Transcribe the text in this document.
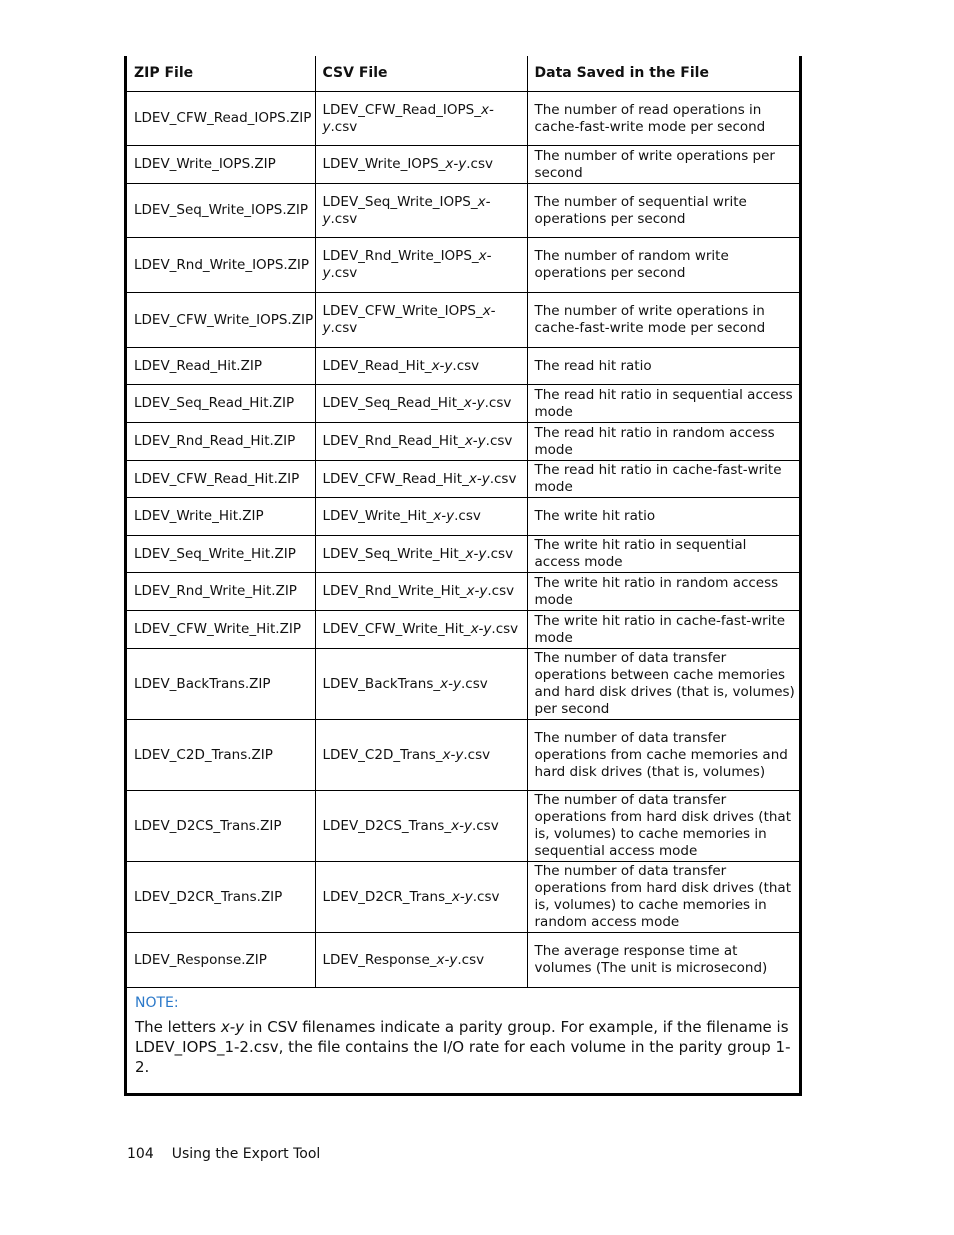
ZIP File	CSV File	Data Saved in the File
LDEV_CFW_Read_IOPS.ZIP	LDEV_CFW_Read_IOPS_x-y.csv	The number of read operations in cache-fast-write mode per second
LDEV_Write_IOPS.ZIP	LDEV_Write_IOPS_x-y.csv	The number of write operations per second
LDEV_Seq_Write_IOPS.ZIP	LDEV_Seq_Write_IOPS_x-y.csv	The number of sequential write operations per second
LDEV_Rnd_Write_IOPS.ZIP	LDEV_Rnd_Write_IOPS_x-y.csv	The number of random write operations per second
LDEV_CFW_Write_IOPS.ZIP	LDEV_CFW_Write_IOPS_x-y.csv	The number of write operations in cache-fast-write mode per second
LDEV_Read_Hit.ZIP	LDEV_Read_Hit_x-y.csv	The read hit ratio
LDEV_Seq_Read_Hit.ZIP	LDEV_Seq_Read_Hit_x-y.csv	The read hit ratio in sequential access mode
LDEV_Rnd_Read_Hit.ZIP	LDEV_Rnd_Read_Hit_x-y.csv	The read hit ratio in random access mode
LDEV_CFW_Read_Hit.ZIP	LDEV_CFW_Read_Hit_x-y.csv	The read hit ratio in cache-fast-write mode
LDEV_Write_Hit.ZIP	LDEV_Write_Hit_x-y.csv	The write hit ratio
LDEV_Seq_Write_Hit.ZIP	LDEV_Seq_Write_Hit_x-y.csv	The write hit ratio in sequential access mode
LDEV_Rnd_Write_Hit.ZIP	LDEV_Rnd_Write_Hit_x-y.csv	The write hit ratio in random access mode
LDEV_CFW_Write_Hit.ZIP	LDEV_CFW_Write_Hit_x-y.csv	The write hit ratio in cache-fast-write mode
LDEV_BackTrans.ZIP	LDEV_BackTrans_x-y.csv	The number of data transfer operations between cache memories and hard disk drives (that is, volumes) per second
LDEV_C2D_Trans.ZIP	LDEV_C2D_Trans_x-y.csv	The number of data transfer operations from cache memories and hard disk drives (that is, volumes)
LDEV_D2CS_Trans.ZIP	LDEV_D2CS_Trans_x-y.csv	The number of data transfer operations from hard disk drives (that is, volumes) to cache memories in sequential access mode
LDEV_D2CR_Trans.ZIP	LDEV_D2CR_Trans_x-y.csv	The number of data transfer operations from hard disk drives (that is, volumes) to cache memories in random access mode
LDEV_Response.ZIP	LDEV_Response_x-y.csv	The average response time at volumes (The unit is microsecond)

NOTE:
The letters x-y in CSV filenames indicate a parity group. For example, if the filename is LDEV_IOPS_1-2.csv, the file contains the I/O rate for each volume in the parity group 1-2.		
104 Using the Export Tool
